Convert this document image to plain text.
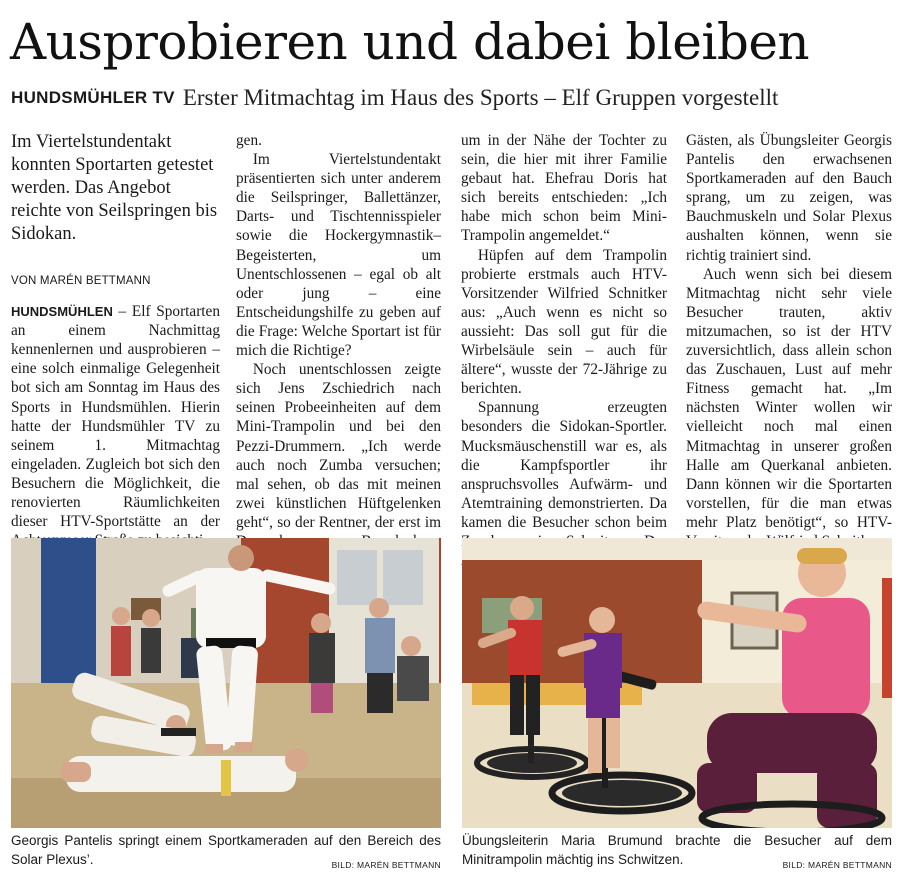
Ausprobieren und dabei bleiben
HUNDSMÜHLER TV Erster Mitmachtag im Haus des Sports – Elf Gruppen vorgestellt

Im Viertelstundentakt konnten Sportarten getestet werden. Das Angebot reichte von Seilspringen bis Sidokan.

VON MARÉN BETTMANN

HUNDSMÜHLEN – Elf Sportarten an einem Nachmittag kennenlernen und ausprobieren – eine solch einmalige Gelegenheit bot sich am Sonntag im Haus des Sports in Hundsmühlen. Hierin hatte der Hundsmühler TV zu seinem 1. Mitmachtag eingeladen. Zugleich bot sich den Besuchern die Möglichkeit, die renovierten Räumlichkeiten dieser HTV-Sportstätte an der

gen.

Im Viertelstundentakt präsentierten sich unter anderem die Seilspringer, Ballettänzer, Darts- und Tischtennisspieler sowie die Hockergymnastik–Begeisterten, um Unentschlossenen – egal ob alt oder jung – eine Entscheidungshilfe zu geben auf die Frage: Welche Sportart ist für mich die Richtige?

Noch unentschlossen zeigte sich Jens Zschiedrich nach seinen Probeeinheiten auf dem Mini-Trampolin und bei den Pezzi-Drummern. „Ich werde auch noch Zumba versuchen; mal sehen, ob das mit meinen zwei künstlichen Hüftgelenken geht“, so der Rentner, der erst im

um in der Nähe der Tochter zu sein, die hier mit ihrer Familie gebaut hat. Ehefrau Doris hat sich bereits entschieden: „Ich habe mich schon beim Mini-Trampolin angemeldet.“

Hüpfen auf dem Trampolin probierte erstmals auch HTV-Vorsitzender Wilfried Schnitker aus: „Auch wenn es nicht so aussieht: Das soll gut für die Wirbelsäule sein – auch für ältere“, wusste der 72-Jährige zu berichten.

Spannung erzeugten besonders die Sidokan-Sportler. Mucksmäuschenstill war es, als die Kampfsportler ihr anspruchsvolles Aufwärm- und Atemtraining demonstrierten. Da kamen die Besucher schon beim

Gästen, als Übungsleiter Georgis Pantelis den erwachsenen Sportkameraden auf den Bauch sprang, um zu zeigen, was Bauchmuskeln und Solar Plexus aushalten können, wenn sie richtig trainiert sind.

Auch wenn sich bei diesem Mitmachtag nicht sehr viele Besucher trauten, aktiv mitzumachen, so ist der HTV zuversichtlich, dass allein schon das Zuschauen, Lust auf mehr Fitness gemacht hat. „Im nächsten Winter wollen wir vielleicht noch mal einen Mitmachtag in unserer großen Halle am Querkanal anbieten. Dann können wir die Sportarten vorstellen, für die man etwas mehr Platz benötigt“, so HTV-

Georgis Pantelis springt einem Sportkameraden auf den Bereich des Solar Plexus’.	BILD: MARÉN BETTMANN
Übungsleiterin Maria Brumund brachte die Besucher auf dem Minitrampolin mächtig ins Schwitzen.	BILD: MARÉN BETTMANN
